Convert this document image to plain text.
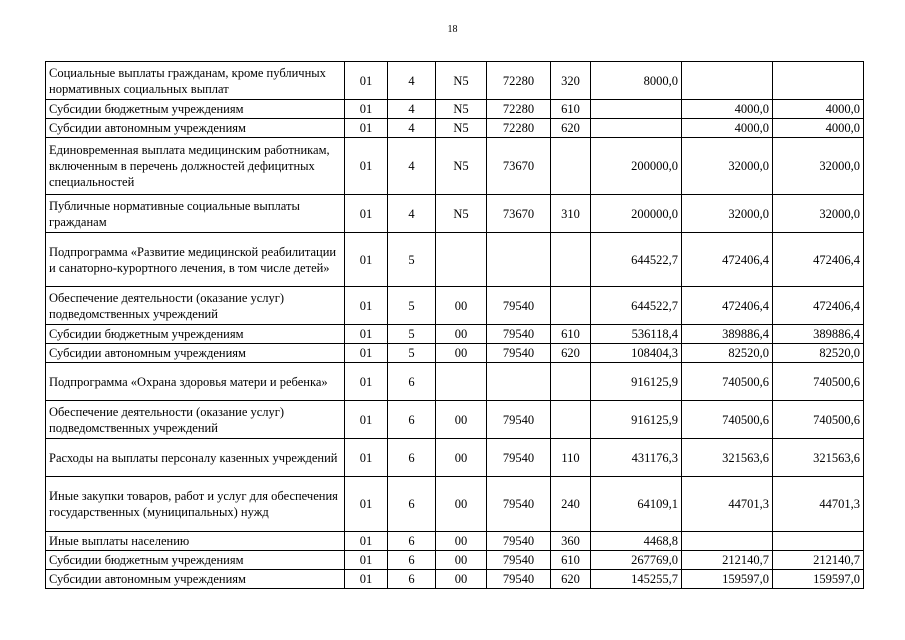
18
Социальные выплаты гражданам, кроме публичных нормативных социальных выплат	01	4	N5	72280	320	8000,0		
Субсидии бюджетным учреждениям	01	4	N5	72280	610		4000,0	4000,0
Субсидии автономным учреждениям	01	4	N5	72280	620		4000,0	4000,0
Единовременная выплата медицинским работникам, включенным в перечень должностей дефицитных специальностей	01	4	N5	73670		200000,0	32000,0	32000,0
Публичные нормативные социальные выплаты гражданам	01	4	N5	73670	310	200000,0	32000,0	32000,0
Подпрограмма «Развитие медицинской реабилитации и санаторно-курортного лечения, в том числе детей»	01	5				644522,7	472406,4	472406,4
Обеспечение деятельности (оказание услуг) подведомственных учреждений	01	5	00	79540		644522,7	472406,4	472406,4
Субсидии бюджетным учреждениям	01	5	00	79540	610	536118,4	389886,4	389886,4
Субсидии автономным учреждениям	01	5	00	79540	620	108404,3	82520,0	82520,0
Подпрограмма «Охрана здоровья матери и ребенка»	01	6				916125,9	740500,6	740500,6
Обеспечение деятельности (оказание услуг) подведомственных учреждений	01	6	00	79540		916125,9	740500,6	740500,6
Расходы на выплаты персоналу казенных учреждений	01	6	00	79540	110	431176,3	321563,6	321563,6
Иные закупки товаров, работ и услуг для обеспечения государственных (муниципальных) нужд	01	6	00	79540	240	64109,1	44701,3	44701,3
Иные выплаты населению	01	6	00	79540	360	4468,8		
Субсидии бюджетным учреждениям	01	6	00	79540	610	267769,0	212140,7	212140,7
Субсидии автономным учреждениям	01	6	00	79540	620	145255,7	159597,0	159597,0
